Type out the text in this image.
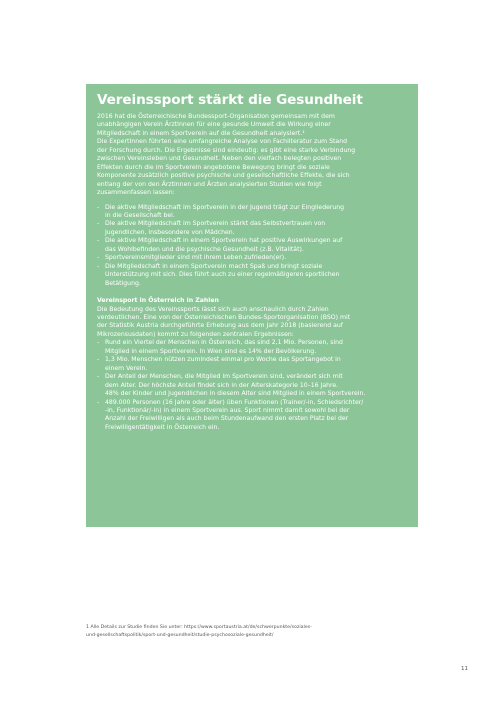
Vereinssport stärkt die Gesundheit

2016 hat die Österreichische Bundessport-Organisation gemeinsam mit dem
unabhängigen Verein ÄrztInnen für eine gesunde Umwelt die Wirkung einer
Mitgliedschaft in einem Sportverein auf die Gesundheit analysiert.¹
Die ExpertInnen führten eine umfangreiche Analyse von Fachliteratur zum Stand
der Forschung durch. Die Ergebnisse sind eindeutig: es gibt eine starke Verbindung
zwischen Vereinsleben und Gesundheit. Neben den vielfach belegten positiven
Effekten durch die im Sportverein angebotene Bewegung bringt die soziale
Komponente zusätzlich positive psychische und gesellschaftliche Effekte, die sich
entlang der von den Ärztinnen und Ärzten analysierten Studien wie folgt
zusammenfassen lassen:

- Die aktive Mitgliedschaft im Sportverein in der Jugend trägt zur Eingliederung
in die Gesellschaft bei.
- Die aktive Mitgliedschaft im Sportverein stärkt das Selbstvertrauen von
Jugendlichen, insbesondere von Mädchen.
- Die aktive Mitgliedschaft in einem Sportverein hat positive Auswirkungen auf
das Wohlbefinden und die psychische Gesundheit (z.B. Vitalität).
- Sportvereinsmitglieder sind mit ihrem Leben zufrieden(er).
- Die Mitgliedschaft in einem Sportverein macht Spaß und bringt soziale
Unterstützung mit sich. Dies führt auch zu einer regelmäßigeren sportlichen
Betätigung.

Vereinsport in Österreich in Zahlen

Die Bedeutung des Vereinssports lässt sich auch anschaulich durch Zahlen
verdeutlichen. Eine von der Österreichischen Bundes-Sportorganisation (BSO) mit
der Statistik Austria durchgeführte Erhebung aus dem Jahr 2018 (basierend auf
Mikrozensusdaten) kommt zu folgenden zentralen Ergebnissen:

- Rund ein Viertel der Menschen in Österreich, das sind 2,1 Mio. Personen, sind
Mitglied in einem Sportverein. In Wien sind es 14% der Bevölkerung.
- 1,3 Mio. Menschen nützen zumindest einmal pro Woche das Sportangebot in
einem Verein.
- Der Anteil der Menschen, die Mitglied im Sportverein sind, verändert sich mit
dem Alter. Der höchste Anteil findet sich in der Alterskategorie 10–16 Jahre.
48% der Kinder und Jugendlichen in diesem Alter sind Mitglied in einem Sportverein.
- 489.000 Personen (16 Jahre oder älter) üben Funktionen (Trainer/-in, Schiedsrichter/
-in, Funktionär/-in) in einem Sportverein aus. Sport nimmt damit sowohl bei der
Anzahl der Freiwilligen als auch beim Stundenaufwand den ersten Platz bei der
Freiwilligentätigkeit in Österreich ein.
1 Alle Details zur Studie finden Sie unter: https://www.sportaustria.at/de/schwerpunkte/soziales-
und-gesellschaftspolitik/sport-und-gesundheit/studie-psychosoziale-gesundheit/
11
